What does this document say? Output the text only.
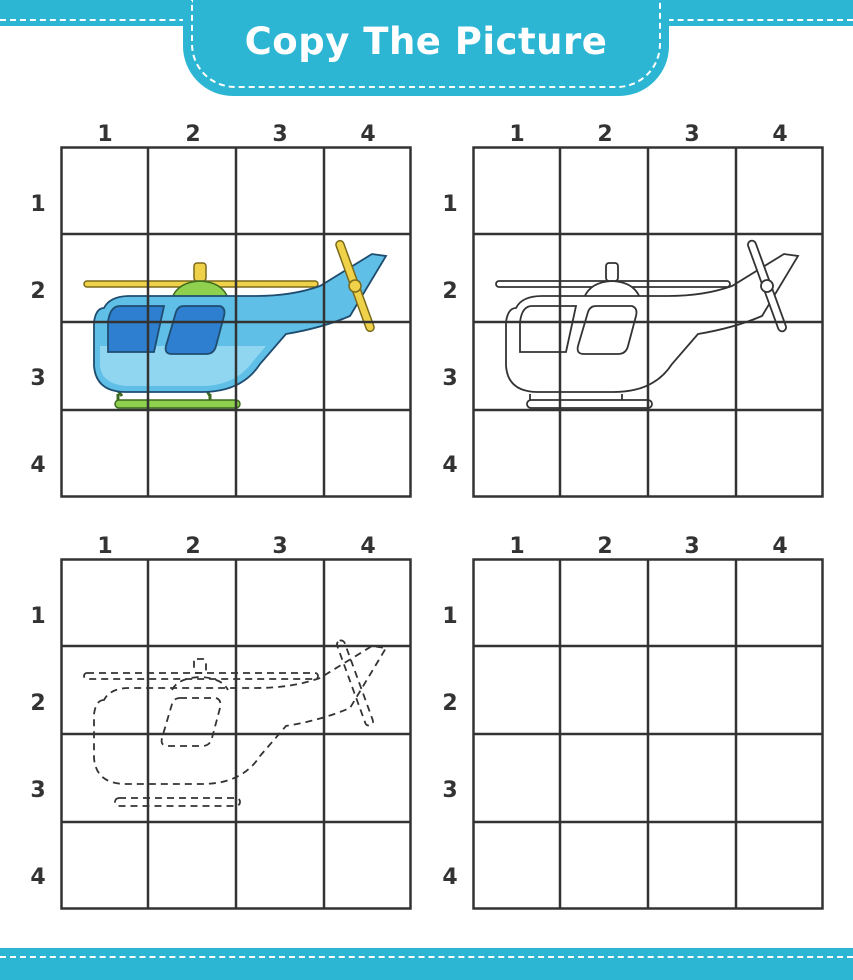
Copy The Picture
1	2	3	4
1
2
3
4
1	2	3	4
1
2
3
4
1	2	3	4
1
2
3
4
1	2	3	4
1
2
3
4
